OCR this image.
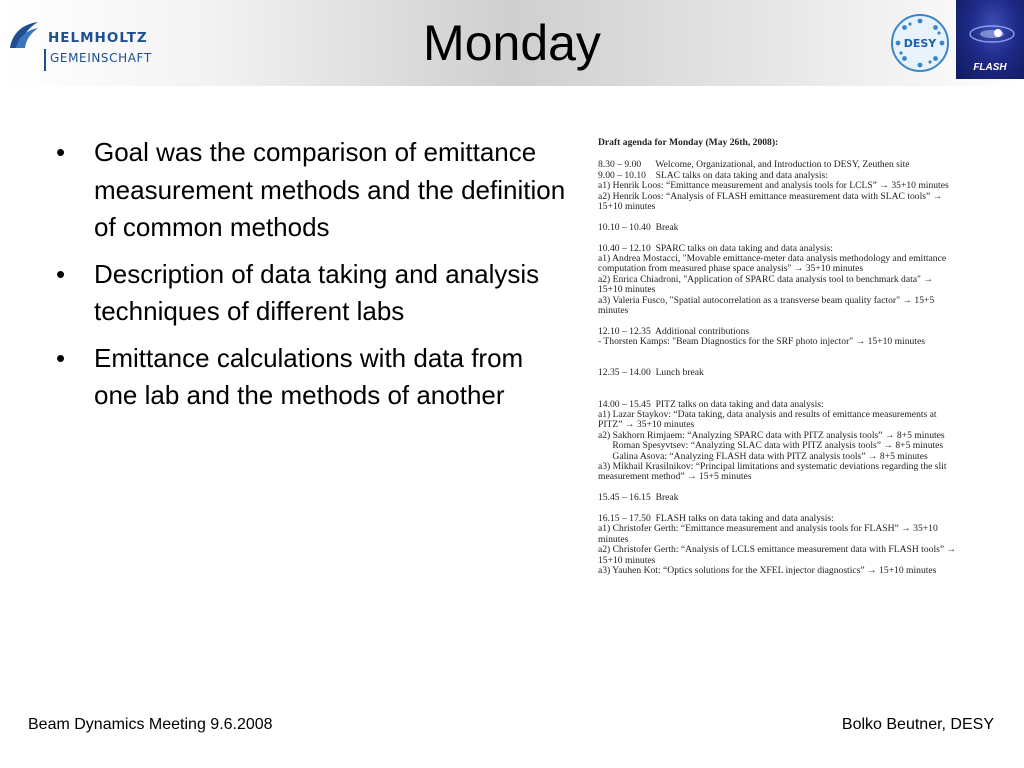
HELMHOLTZ
GEMEINSCHAFT	Monday	DESY
FLASH
• Goal was the comparison of emittance measurement methods and the definition of common methods
• Description of data taking and analysis techniques of different labs
• Emittance calculations with data from one lab and the methods of another
Draft agenda for Monday (May 26th, 2008):
8.30 – 9.00      Welcome, Organizational, and Introduction to DESY, Zeuthen site
9.00 – 10.10    SLAC talks on data taking and data analysis:
a1) Henrik Loos: “Emittance measurement and analysis tools for LCLS” → 35+10 minutes
a2) Henrik Loos: “Analysis of FLASH emittance measurement data with SLAC tools” →
15+10 minutes
10.10 – 10.40  Break
10.40 – 12.10  SPARC talks on data taking and data analysis:
a1) Andrea Mostacci, "Movable emittance-meter data analysis methodology and emittance
computation from measured phase space analysis" → 35+10 minutes
a2) Enrica Chiadroni, "Application of SPARC data analysis tool to benchmark data" →
15+10 minutes
a3) Valeria Fusco, "Spatial autocorrelation as a transverse beam quality factor" → 15+5
minutes
12.10 – 12.35  Additional contributions
- Thorsten Kamps: "Beam Diagnostics for the SRF photo injector" → 15+10 minutes
12.35 – 14.00  Lunch break
14.00 – 15.45  PITZ talks on data taking and data analysis:
a1) Lazar Staykov: “Data taking, data analysis and results of emittance measurements at
PITZ” → 35+10 minutes
a2) Sakhorn Rimjaem: “Analyzing SPARC data with PITZ analysis tools” → 8+5 minutes
Roman Spesyvtsev: “Analyzing SLAC data with PITZ analysis tools” → 8+5 minutes
Galina Asova: “Analyzing FLASH data with PITZ analysis tools” → 8+5 minutes
a3) Mikhail Krasilnikov: “Principal limitations and systematic deviations regarding the slit
measurement method” → 15+5 minutes
15.45 – 16.15  Break
16.15 – 17.50  FLASH talks on data taking and data analysis:
a1) Christofer Gerth: “Emittance measurement and analysis tools for FLASH” → 35+10
minutes
a2) Christofer Gerth: “Analysis of LCLS emittance measurement data with FLASH tools” →
15+10 minutes
a3) Yauhen Kot: “Optics solutions for the XFEL injector diagnostics” → 15+10 minutes
Beam Dynamics Meeting 9.6.2008	Bolko Beutner, DESY
